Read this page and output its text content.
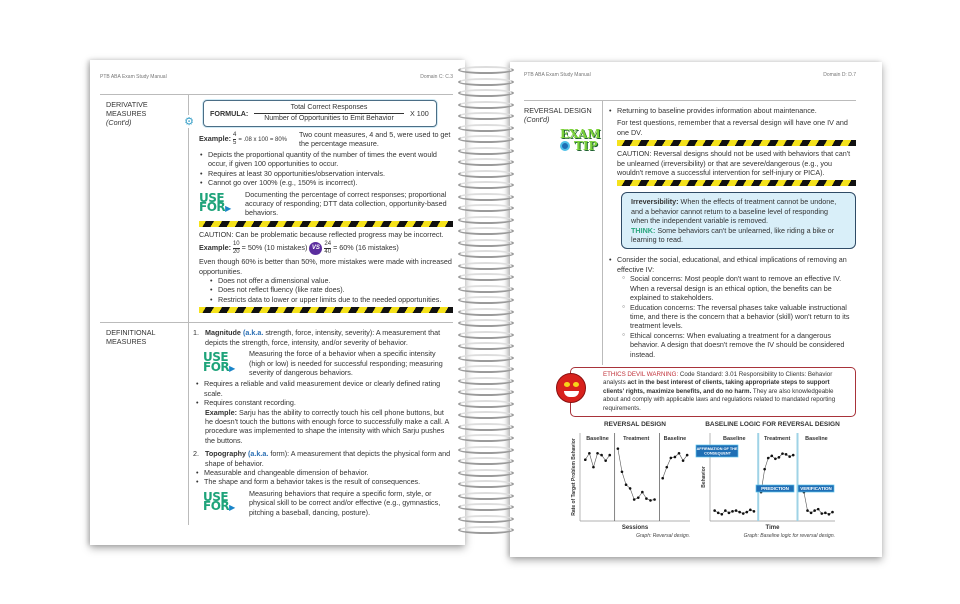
PTB ABA Exam Study Manual	Domain C: C.3
DERIVATIVE MEASURES
(Cont'd)	⚙
FORMULA:
Total Correct Responses
Number of Opportunities to Emit Behavior
X 100
Example: $\frac{4}{5} = .08$ x 100 = 80%
Two count measures, 4 and 5, were used to get the percentage measure.
• Depicts the proportional quantity of the number of times the event would occur, if given 100 opportunities to occur.
• Requires at least 30 opportunities/observation intervals.
• Cannot go over 100% (e.g., 150% is incorrect).
USE FOR ▶
Documenting the percentage of correct responses; proportional accuracy of responding; DTT data collection, opportunity-based behaviors.
CAUTION: Can be problematic because reflected progress may be incorrect.
Example: $\frac{10}{20} = 50\%$ (10 mistakes) VS $\frac{24}{40} = 60\%$ (16 mistakes)
Even though 60% is better than 50%, more mistakes were made with increased opportunities.
• Does not offer a dimensional value.
• Does not reflect fluency (like rate does).
• Restricts data to lower or upper limits due to the needed opportunities.
DEFINITIONAL MEASURES
1. Magnitude (a.k.a. strength, force, intensity, severity): A measurement that depicts the strength, force, intensity, and/or severity of behavior.
USE FOR ▶
Measuring the force of a behavior when a specific intensity (high or low) is needed for successful responding; measuring severity of dangerous behaviors.
• Requires a reliable and valid measurement device or clearly defined rating scale.
• Requires constant recording.
Example: Sarju has the ability to correctly touch his cell phone buttons, but he doesn't touch the buttons with enough force to successfully make a call. A procedure was implemented to shape the intensity with which Sarju pushes the buttons.
2. Topography (a.k.a. form): A measurement that depicts the physical form and shape of behavior.
• Measurable and changeable dimension of behavior.
• The shape and form a behavior takes is the result of consequences.
USE FOR ▶
Measuring behaviors that require a specific form, style, or physical skill to be correct and/or effective (e.g., gymnastics, pitching a baseball, dancing, posture).
PTB ABA Exam Study Manual	Domain D: D.7
REVERSAL DESIGN
(Cont'd)
EXAM
TIP
• Returning to baseline provides information about maintenance.
For test questions, remember that a reversal design will have one IV and one DV.
CAUTION: Reversal designs should not be used with behaviors that can't be unlearned (irreversibility) or that are severe/dangerous (e.g., you wouldn't remove a successful intervention for self-injury or PICA).
Irreversibility: When the effects of treatment cannot be undone, and a behavior cannot return to a baseline level of responding when the independent variable is removed.
THINK: Some behaviors can't be unlearned, like riding a bike or learning to read.
• Consider the social, educational, and ethical implications of removing an effective IV:
○ Social concerns: Most people don't want to remove an effective IV. When a reversal design is an ethical option, the benefits can be explained to stakeholders.
○ Education concerns: The reversal phases take valuable instructional time, and there is the concern that a behavior (skill) won't return to its treatment levels.
○ Ethical concerns: When evaluating a treatment for a dangerous behavior. A design that doesn't remove the IV should be considered instead.
ETHICS DEVIL WARNING: Code Standard: 3.01 Responsibility to Clients: Behavior analysts act in the best interest of clients, taking appropriate steps to support clients' rights, maximize benefits, and do no harm. They are also knowledgeable about and comply with applicable laws and regulations related to mandated reporting requirements.
REVERSAL DESIGN
Sessions
Graph: Reversal design.
Rate of Target Problem Behavior Baseline	Treatment	Baseline
BASELINE LOGIC FOR REVERSAL DESIGN
Time
Graph: Baseline logic for reversal design.
Behavior
Baseline	Treatment	Baseline
AFFIRMATION OF THE CONSEQUENT
PREDICTION	VERIFICATION
